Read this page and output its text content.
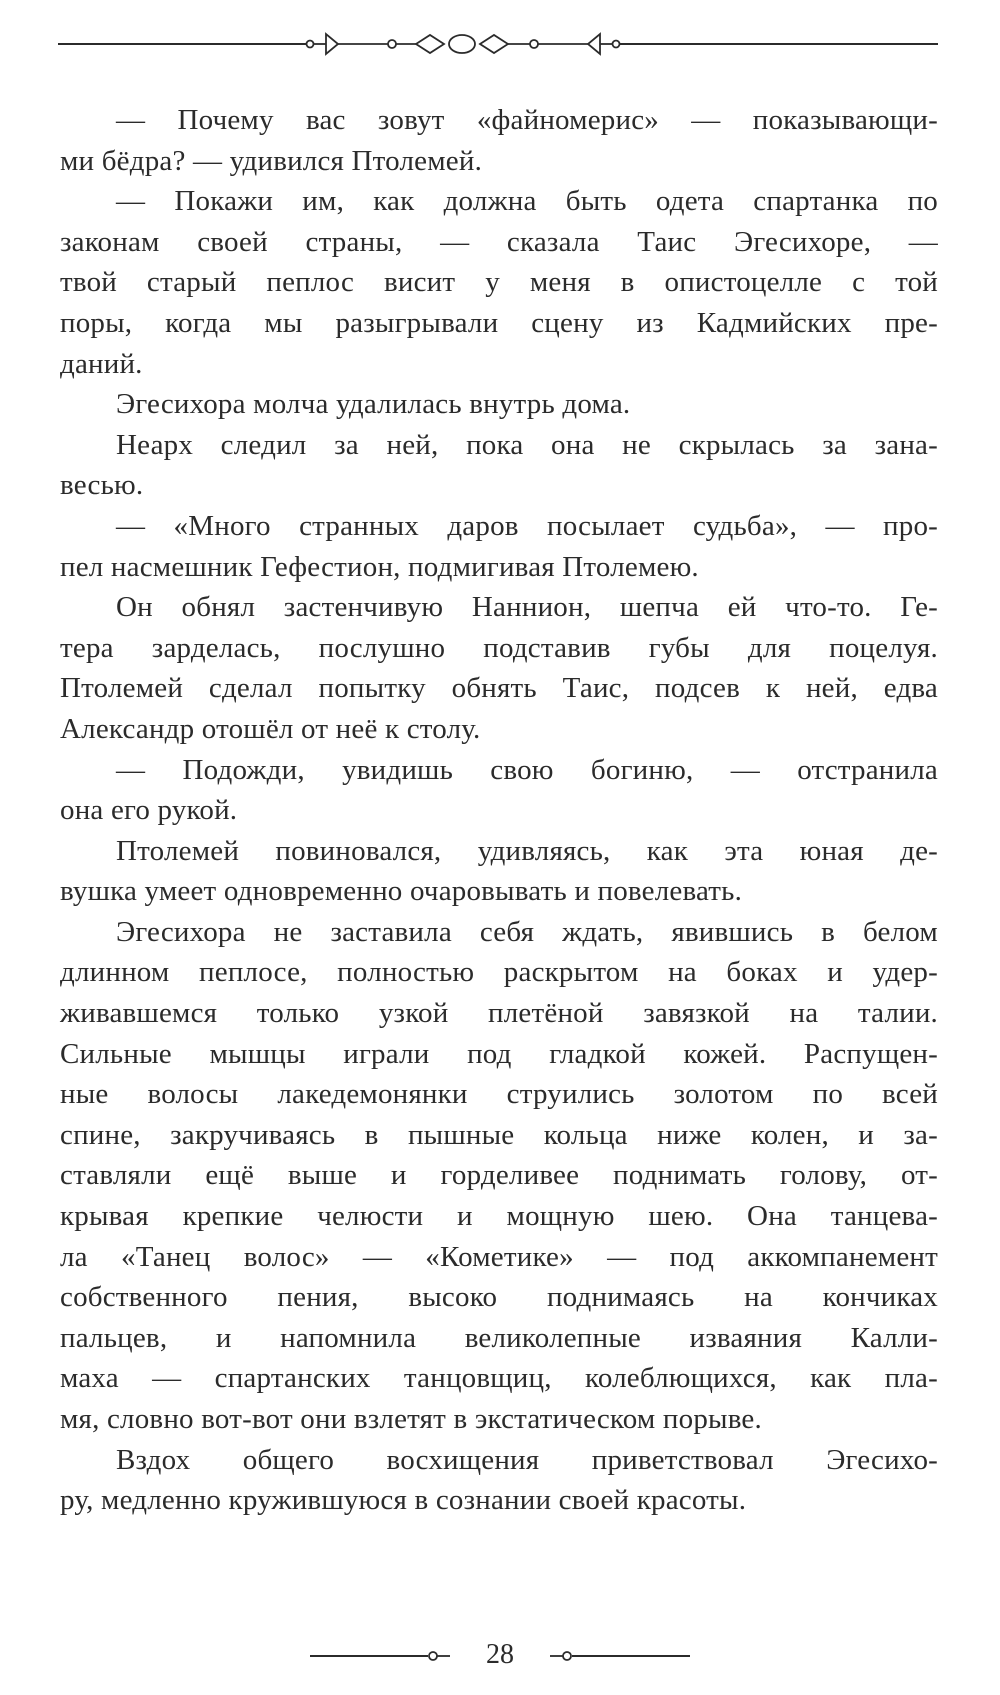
— Почему вас зовут «файномерис» — показывающи-
ми бёдра? — удивился Птолемей.
— Покажи им, как должна быть одета спартанка по
законам своей страны, — сказала Таис Эгесихоре, —
твой старый пеплос висит у меня в опистоцелле с той
поры, когда мы разыгрывали сцену из Кадмийских пре-
даний.
Эгесихора молча удалилась внутрь дома.
Неарх следил за ней, пока она не скрылась за зана-
весью.
— «Много странных даров посылает судьба», — про-
пел насмешник Гефестион, подмигивая Птолемею.
Он обнял застенчивую Наннион, шепча ей что-то. Ге-
тера зарделась, послушно подставив губы для поцелуя.
Птолемей сделал попытку обнять Таис, подсев к ней, едва
Александр отошёл от неё к столу.
— Подожди, увидишь свою богиню, — отстранила
она его рукой.
Птолемей повиновался, удивляясь, как эта юная де-
вушка умеет одновременно очаровывать и повелевать.
Эгесихора не заставила себя ждать, явившись в белом
длинном пеплосе, полностью раскрытом на боках и удер-
живавшемся только узкой плетёной завязкой на талии.
Сильные мышцы играли под гладкой кожей. Распущен-
ные волосы лакедемонянки струились золотом по всей
спине, закручиваясь в пышные кольца ниже колен, и за-
ставляли ещё выше и горделивее поднимать голову, от-
крывая крепкие челюсти и мощную шею. Она танцева-
ла «Танец волос» — «Кометике» — под аккомпанемент
собственного пения, высоко поднимаясь на кончиках
пальцев, и напомнила великолепные изваяния Калли-
маха — спартанских танцовщиц, колеблющихся, как пла-
мя, словно вот-вот они взлетят в экстатическом порыве.
Вздох общего восхищения приветствовал Эгесихо-
ру, медленно кружившуюся в сознании своей красоты.
28
